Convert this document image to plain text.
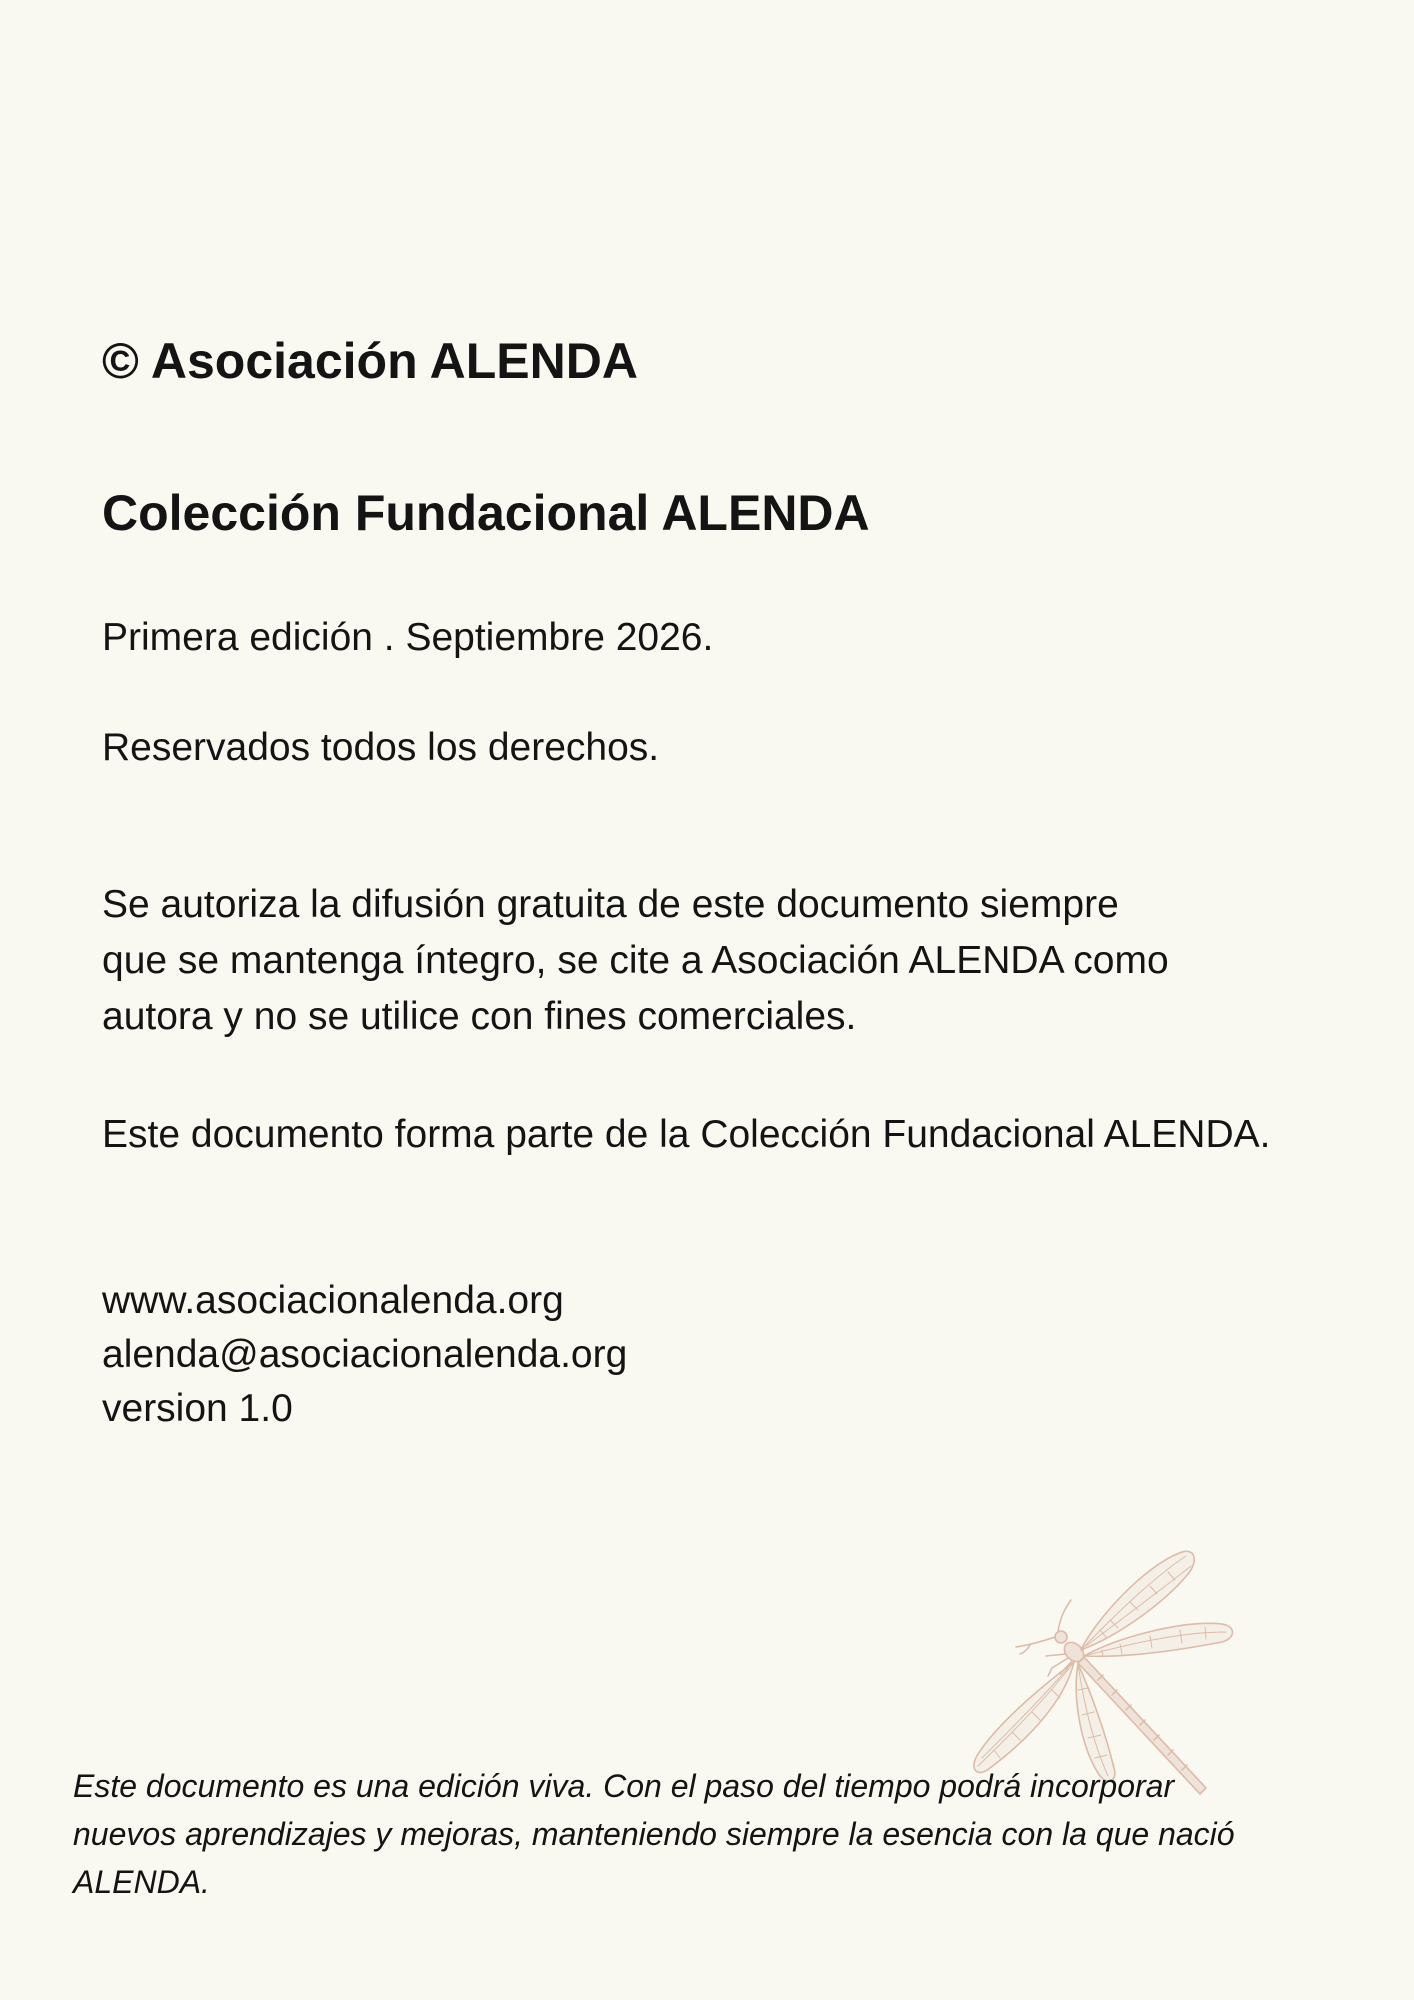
© Asociación ALENDA
Colección Fundacional ALENDA
Primera edición . Septiembre 2026.
Reservados todos los derechos.
Se autoriza la difusión gratuita de este documento siempre
que se mantenga íntegro, se cite a Asociación ALENDA como
autora y no se utilice con fines comerciales.
Este documento forma parte de la Colección Fundacional ALENDA.
www.asociacionalenda.org
alenda@asociacionalenda.org
version 1.0
Este documento es una edición viva. Con el paso del tiempo podrá incorporar
nuevos aprendizajes y mejoras, manteniendo siempre la esencia con la que nació
ALENDA.
